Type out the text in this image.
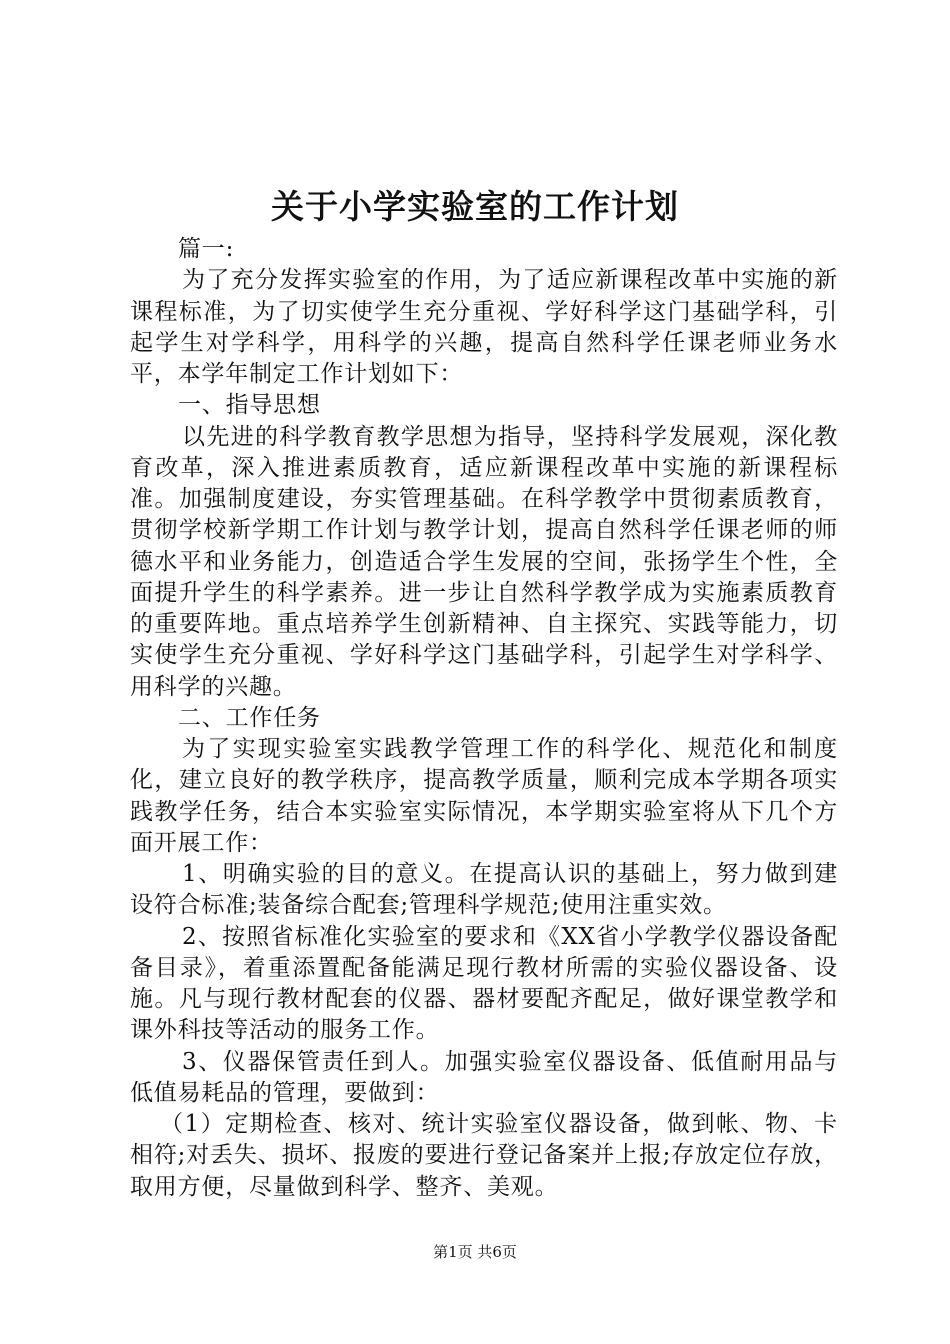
关于小学实验室的工作计划

篇一:

为了充分发挥实验室的作用，为了适应新课程改革中实施的新课程标准，为了切实使学生充分重视、学好科学这门基础学科，引起学生对学科学，用科学的兴趣，提高自然科学任课老师业务水平，本学年制定工作计划如下：

一、指导思想

以先进的科学教育教学思想为指导，坚持科学发展观，深化教育改革，深入推进素质教育，适应新课程改革中实施的新课程标准。加强制度建设，夯实管理基础。在科学教学中贯彻素质教育，贯彻学校新学期工作计划与教学计划，提高自然科学任课老师的师德水平和业务能力，创造适合学生发展的空间，张扬学生个性，全面提升学生的科学素养。进一步让自然科学教学成为实施素质教育的重要阵地。重点培养学生创新精神、自主探究、实践等能力，切实使学生充分重视、学好科学这门基础学科，引起学生对学科学、用科学的兴趣。

二、工作任务

为了实现实验室实践教学管理工作的科学化、规范化和制度化，建立良好的教学秩序，提高教学质量，顺利完成本学期各项实践教学任务，结合本实验室实际情况，本学期实验室将从下几个方面开展工作：

1、明确实验的目的意义。在提高认识的基础上，努力做到建设符合标准;装备综合配套;管理科学规范;使用注重实效。

2、按照省标准化实验室的要求和《XX省小学教学仪器设备配备目录》，着重添置配备能满足现行教材所需的实验仪器设备、设施。凡与现行教材配套的仪器、器材要配齐配足，做好课堂教学和课外科技等活动的服务工作。

3、仪器保管责任到人。加强实验室仪器设备、低值耐用品与低值易耗品的管理，要做到：

（1）定期检查、核对、统计实验室仪器设备，做到帐、物、卡相符;对丢失、损坏、报废的要进行登记备案并上报;存放定位存放，取用方便，尽量做到科学、整齐、美观。

第1页 共6页
